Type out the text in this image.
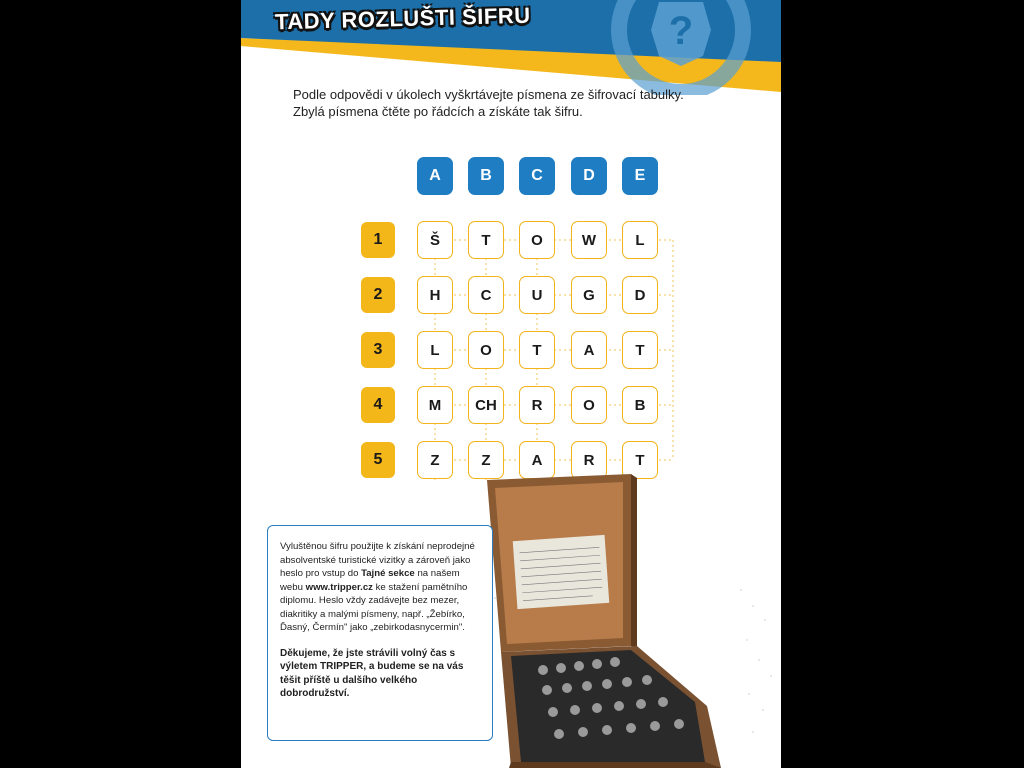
?
TADY ROZLUŠTI ŠIFRU
Podle odpovědi v úkolech vyškrtávejte písmena ze šifrovací tabulky.
Zbylá písmena čtěte po řádcích a získáte tak šifru.
A	B	C	D	E
1	Š	T	O	W	L
2	H	C	U	G	D
3	L	O	T	A	T
4	M	CH	R	O	B
5	Z	Z	A	R	T

Vyluštěnou šifru použijte k získání neprodejné absolventské turistické vizitky a zároveň jako heslo pro vstup do Tajné sekce na našem webu www.tripper.cz ke stažení pamětního diplomu. Heslo vždy zadávejte bez mezer, diakritiky a malými písmeny, např. „Žebírko, Ďasný, Čermín" jako „zebirkodasnycermin".

Děkujeme, že jste strávili volný čas s výletem TRIPPER, a budeme se na vás těšit příště u dalšího velkého dobrodružství.
